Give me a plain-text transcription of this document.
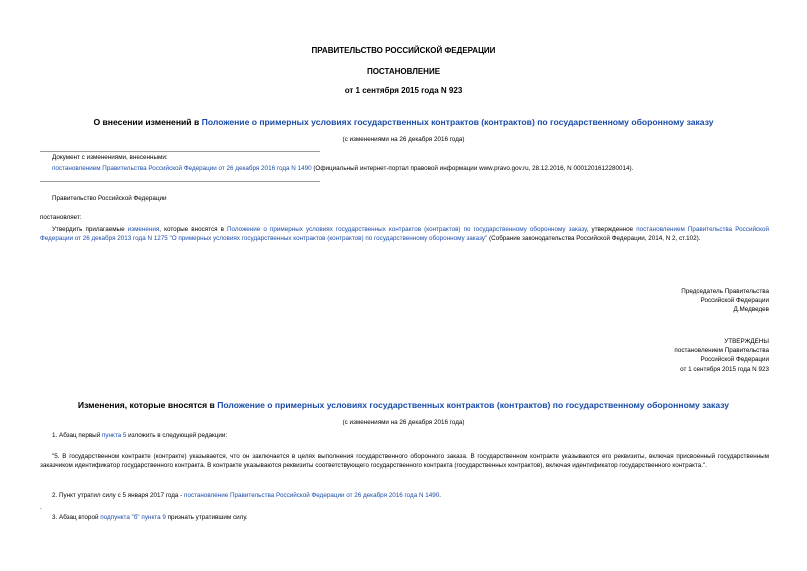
ПРАВИТЕЛЬСТВО РОССИЙСКОЙ ФЕДЕРАЦИИ
ПОСТАНОВЛЕНИЕ
от 1 сентября 2015 года N 923
О внесении изменений в Положение о примерных условиях государственных контрактов (контрактов) по государственному оборонному заказу
(с изменениями на 26 декабря 2016 года)
Документ с изменениями, внесенными:
постановлением Правительства Российской Федерации от 26 декабря 2016 года N 1490 (Официальный интернет-портал правовой информации www.pravo.gov.ru, 28.12.2016, N 0001201612280014).
Правительство Российской Федерации
постановляет:
Утвердить прилагаемые изменения, которые вносятся в Положение о примерных условиях государственных контрактов (контрактов) по государственному оборонному заказу, утвержденное постановлением Правительства Российской Федерации от 26 декабря 2013 года N 1275 "О примерных условиях государственных контрактов (контрактов) по государственному оборонному заказу" (Собрание законодательства Российской Федерации, 2014, N 2, ст.102).
Председатель Правительства
Российской Федерации
Д.Медведев
УТВЕРЖДЕНЫ
постановлением Правительства
Российской Федерации
от 1 сентября 2015 года N 923
Изменения, которые вносятся в Положение о примерных условиях государственных контрактов (контрактов) по государственному оборонному заказу
(с изменениями на 26 декабря 2016 года)
1. Абзац первый пункта 5 изложить в следующей редакции:
"5. В государственном контракте (контракте) указывается, что он заключается в целях выполнения государственного оборонного заказа. В государственном контракте указываются его реквизиты, включая присвоенный государственным заказчиком идентификатор государственного контракта. В контракте указываются реквизиты соответствующего государственного контракта (государственных контрактов), включая идентификатор государственного контракта.".
2. Пункт утратил силу с 5 января 2017 года - постановление Правительства Российской Федерации от 26 декабря 2016 года N 1490.
.
3. Абзац второй подпункта "б" пункта 9 признать утратившим силу.
